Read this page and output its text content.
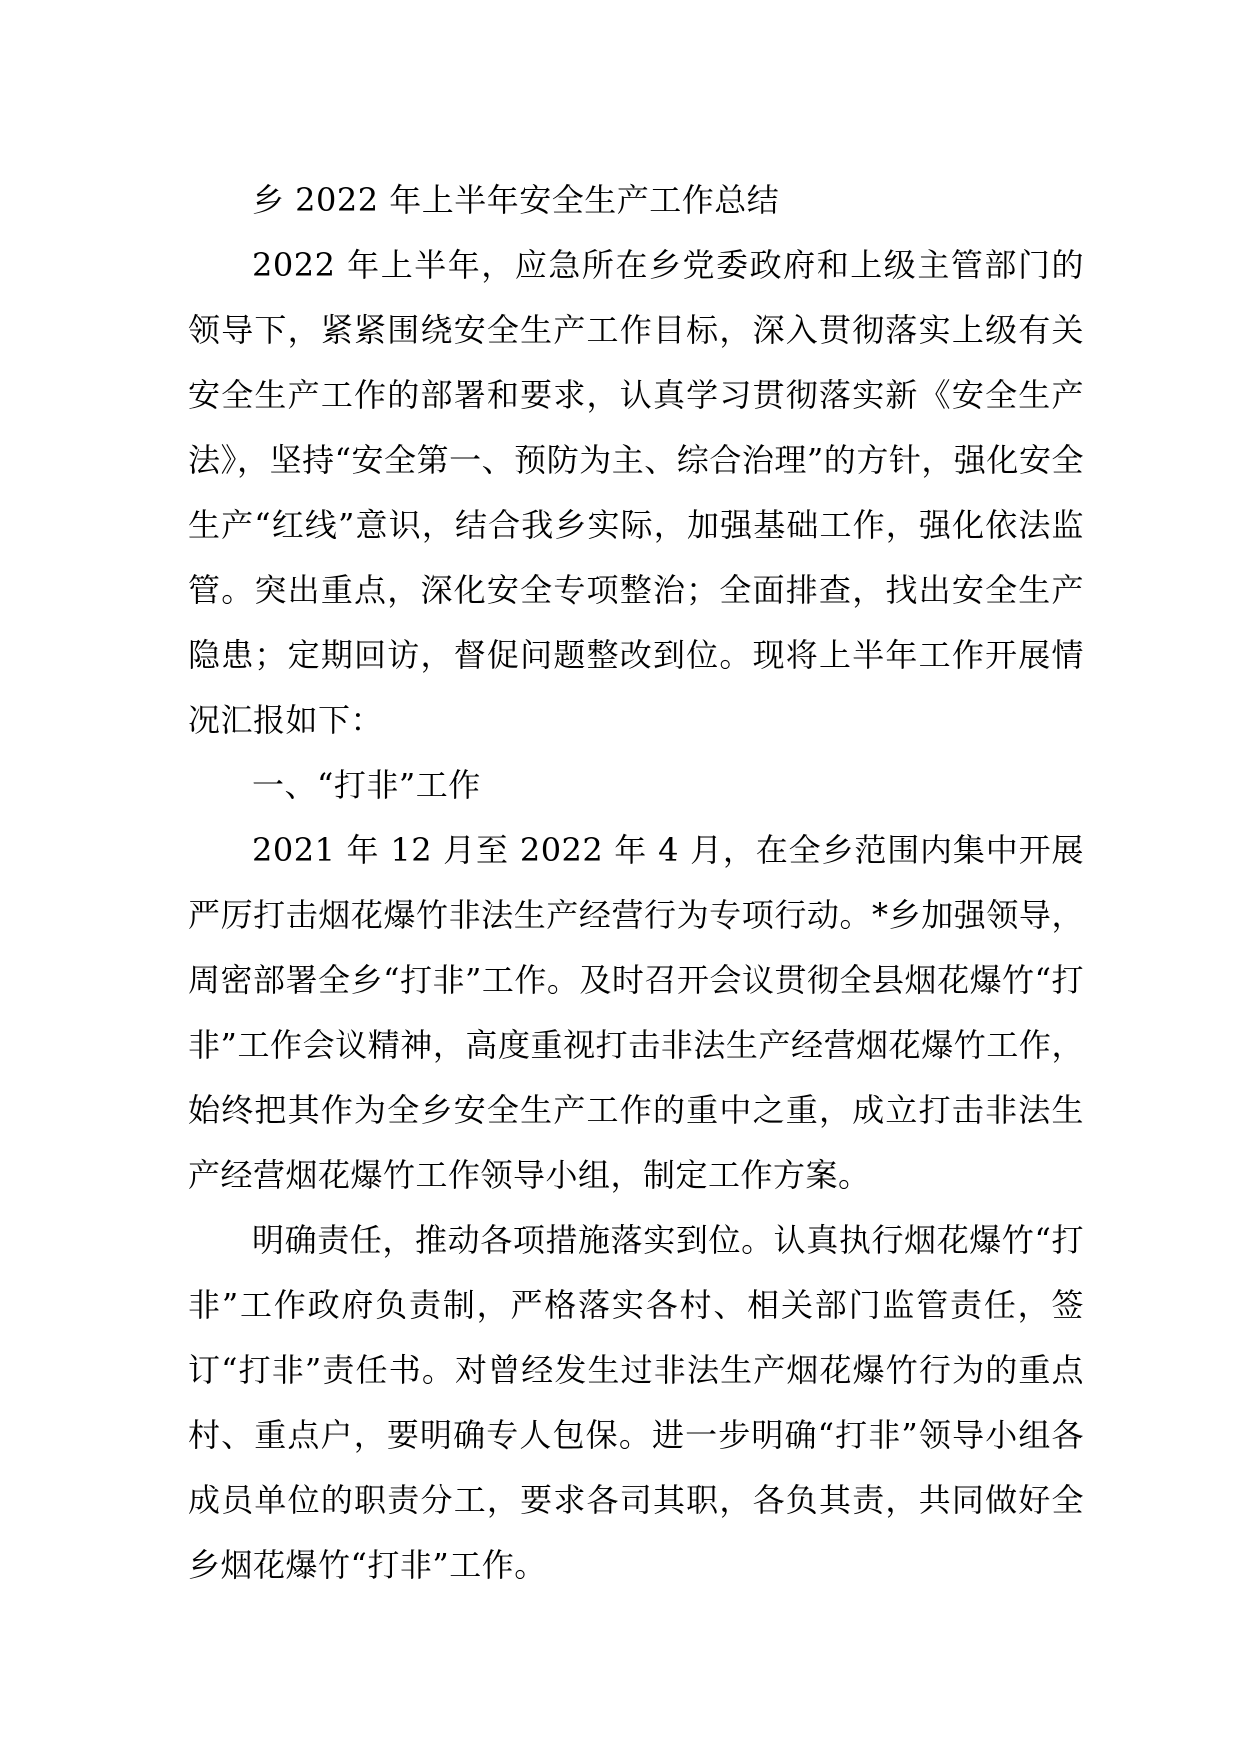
乡 2022 年上半年安全生产工作总结

2022 年上半年，应急所在乡党委政府和上级主管部门的领导下，紧紧围绕安全生产工作目标，深入贯彻落实上级有关安全生产工作的部署和要求，认真学习贯彻落实新《安全生产法》，坚持“安全第一、预防为主、综合治理”的方针，强化安全生产“红线”意识，结合我乡实际，加强基础工作，强化依法监管。突出重点，深化安全专项整治；全面排查，找出安全生产隐患；定期回访，督促问题整改到位。现将上半年工作开展情况汇报如下：

一、“打非”工作

2021 年 12 月至 2022 年 4 月，在全乡范围内集中开展严厉打击烟花爆竹非法生产经营行为专项行动。*乡加强领导，周密部署全乡“打非”工作。及时召开会议贯彻全县烟花爆竹“打非”工作会议精神，高度重视打击非法生产经营烟花爆竹工作，始终把其作为全乡安全生产工作的重中之重，成立打击非法生产经营烟花爆竹工作领导小组，制定工作方案。

明确责任，推动各项措施落实到位。认真执行烟花爆竹“打非”工作政府负责制，严格落实各村、相关部门监管责任，签订“打非”责任书。对曾经发生过非法生产烟花爆竹行为的重点村、重点户，要明确专人包保。进一步明确“打非”领导小组各成员单位的职责分工，要求各司其职，各负其责，共同做好全乡烟花爆竹“打非”工作。
